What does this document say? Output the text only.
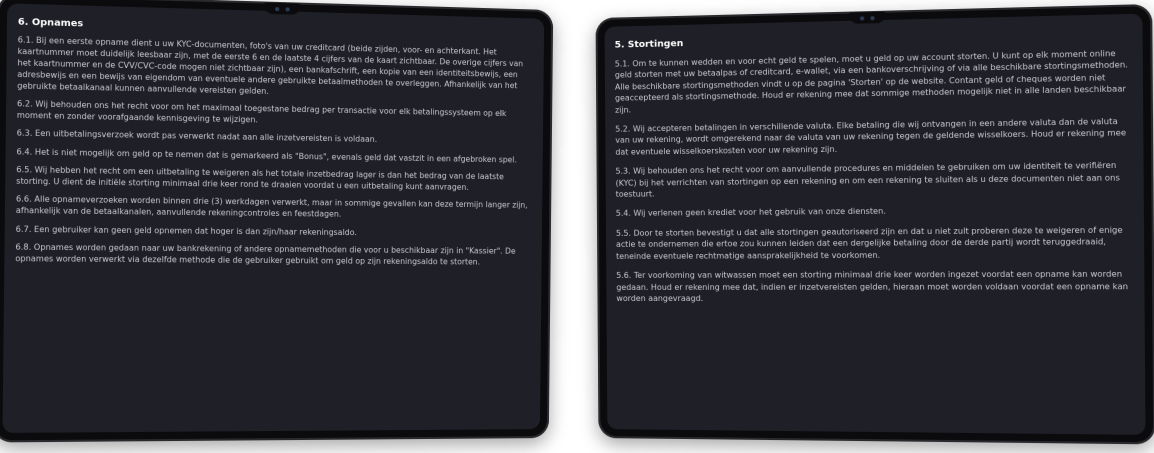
6. Opnames

6.1. Bij een eerste opname dient u uw KYC-documenten, foto's van uw creditcard (beide zijden, voor- en achterkant. Het kaartnummer moet duidelijk leesbaar zijn, met de eerste 6 en de laatste 4 cijfers van de kaart zichtbaar. De overige cijfers van het kaartnummer en de CVV/CVC-code mogen niet zichtbaar zijn), een bankafschrift, een kopie van een identiteitsbewijs, een adresbewijs en een bewijs van eigendom van eventuele andere gebruikte betaalmethoden te overleggen. Afhankelijk van het gebruikte betaalkanaal kunnen aanvullende vereisten gelden.

6.2. Wij behouden ons het recht voor om het maximaal toegestane bedrag per transactie voor elk betalingssysteem op elk moment en zonder voorafgaande kennisgeving te wijzigen.

6.3. Een uitbetalingsverzoek wordt pas verwerkt nadat aan alle inzetvereisten is voldaan.

6.4. Het is niet mogelijk om geld op te nemen dat is gemarkeerd als "Bonus", evenals geld dat vastzit in een afgebroken spel.

6.5. Wij hebben het recht om een uitbetaling te weigeren als het totale inzetbedrag lager is dan het bedrag van de laatste storting. U dient de initiële storting minimaal drie keer rond te draaien voordat u een uitbetaling kunt aanvragen.

6.6. Alle opnameverzoeken worden binnen drie (3) werkdagen verwerkt, maar in sommige gevallen kan deze termijn langer zijn, afhankelijk van de betaalkanalen, aanvullende rekeningcontroles en feestdagen.

6.7. Een gebruiker kan geen geld opnemen dat hoger is dan zijn/haar rekeningsaldo.

6.8. Opnames worden gedaan naar uw bankrekening of andere opnamemethoden die voor u beschikbaar zijn in "Kassier". De opnames worden verwerkt via dezelfde methode die de gebruiker gebruikt om geld op zijn rekeningsaldo te storten.

5. Stortingen

5.1. Om te kunnen wedden en voor echt geld te spelen, moet u geld op uw account storten. U kunt op elk moment online geld storten met uw betaalpas of creditcard, e-wallet, via een bankoverschrijving of via alle beschikbare stortingsmethoden. Alle beschikbare stortingsmethoden vindt u op de pagina 'Storten' op de website. Contant geld of cheques worden niet geaccepteerd als stortingsmethode. Houd er rekening mee dat sommige methoden mogelijk niet in alle landen beschikbaar zijn.

5.2. Wij accepteren betalingen in verschillende valuta. Elke betaling die wij ontvangen in een andere valuta dan de valuta van uw rekening, wordt omgerekend naar de valuta van uw rekening tegen de geldende wisselkoers. Houd er rekening mee dat eventuele wisselkoerskosten voor uw rekening zijn.

5.3. Wij behouden ons het recht voor om aanvullende procedures en middelen te gebruiken om uw identiteit te verifiëren (KYC) bij het verrichten van stortingen op een rekening en om een rekening te sluiten als u deze documenten niet aan ons toestuurt.

5.4. Wij verlenen geen krediet voor het gebruik van onze diensten.

5.5. Door te storten bevestigt u dat alle stortingen geautoriseerd zijn en dat u niet zult proberen deze te weigeren of enige actie te ondernemen die ertoe zou kunnen leiden dat een dergelijke betaling door de derde partij wordt teruggedraaid, teneinde eventuele rechtmatige aansprakelijkheid te voorkomen.

5.6. Ter voorkoming van witwassen moet een storting minimaal drie keer worden ingezet voordat een opname kan worden gedaan. Houd er rekening mee dat, indien er inzetvereisten gelden, hieraan moet worden voldaan voordat een opname kan worden aangevraagd.
